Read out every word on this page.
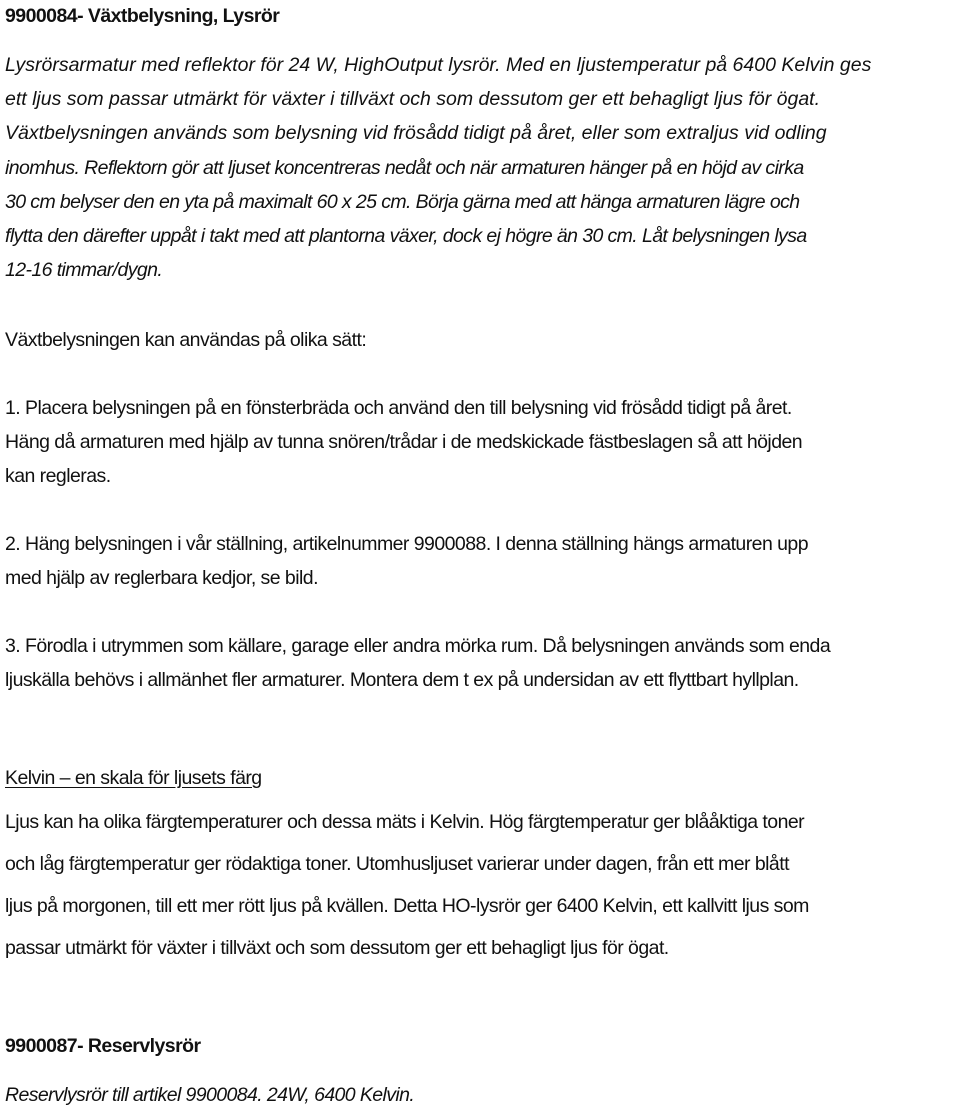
9900084- Växtbelysning, Lysrör
Lysrörsarmatur med reflektor för 24 W, HighOutput lysrör. Med en ljustemperatur på 6400 Kelvin ges
ett ljus som passar utmärkt för växter i tillväxt och som dessutom ger ett behagligt ljus för ögat.
Växtbelysningen används som belysning vid frösådd tidigt på året, eller som extraljus vid odling
inomhus. Reflektorn gör att ljuset koncentreras nedåt och när armaturen hänger på en höjd av cirka
30 cm belyser den en yta på maximalt 60 x 25 cm. Börja gärna med att hänga armaturen lägre och
flytta den därefter uppåt i takt med att plantorna växer, dock ej högre än 30 cm. Låt belysningen lysa
12-16 timmar/dygn.
Växtbelysningen kan användas på olika sätt:
1. Placera belysningen på en fönsterbräda och använd den till belysning vid frösådd tidigt på året.
Häng då armaturen med hjälp av tunna snören/trådar i de medskickade fästbeslagen så att höjden
kan regleras.
2. Häng belysningen i vår ställning, artikelnummer 9900088. I denna ställning hängs armaturen upp
med hjälp av reglerbara kedjor, se bild.
3. Förodla i utrymmen som källare, garage eller andra mörka rum. Då belysningen används som enda
ljuskälla behövs i allmänhet fler armaturer. Montera dem t ex på undersidan av ett flyttbart hyllplan.
Kelvin – en skala för ljusets färg
Ljus kan ha olika färgtemperaturer och dessa mäts i Kelvin. Hög färgtemperatur ger blååktiga toner
och låg färgtemperatur ger rödaktiga toner. Utomhusljuset varierar under dagen, från ett mer blått
ljus på morgonen, till ett mer rött ljus på kvällen. Detta HO-lysrör ger 6400 Kelvin, ett kallvitt ljus som
passar utmärkt för växter i tillväxt och som dessutom ger ett behagligt ljus för ögat.
9900087- Reservlysrör
Reservlysrör till artikel 9900084. 24W, 6400 Kelvin.
